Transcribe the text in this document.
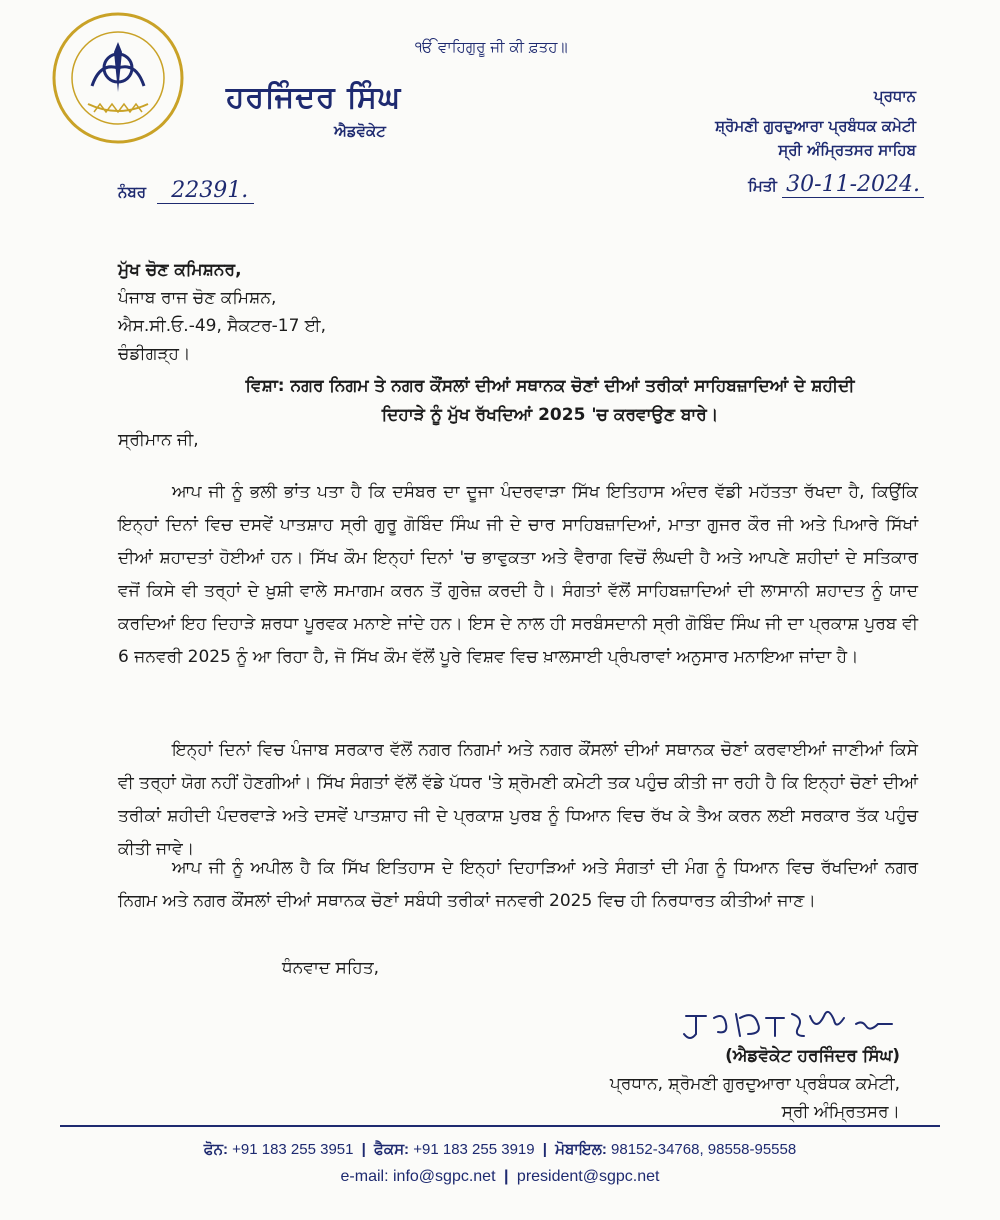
ੴ ਵਾਹਿਗੁਰੂ ਜੀ ਕੀ ਫ਼ਤਹ॥
ਹਰਜਿੰਦਰ ਸਿੰਘ
ਐਡਵੋਕੇਟ
ਪ੍ਰਧਾਨ
ਸ਼੍ਰੋਮਣੀ ਗੁਰਦੁਆਰਾ ਪ੍ਰਬੰਧਕ ਕਮੇਟੀ
ਸ੍ਰੀ ਅੰਮ੍ਰਿਤਸਰ ਸਾਹਿਬ
ਨੰਬਰ 22391.	ਮਿਤੀ 30-11-2024.
ਮੁੱਖ ਚੋਣ ਕਮਿਸ਼ਨਰ,
ਪੰਜਾਬ ਰਾਜ ਚੋਣ ਕਮਿਸ਼ਨ,
ਐਸ.ਸੀ.ਓ.-49, ਸੈਕਟਰ-17 ਈ,
ਚੰਡੀਗੜ੍ਹ।
ਵਿਸ਼ਾ: ਨਗਰ ਨਿਗਮ ਤੇ ਨਗਰ ਕੌਂਸਲਾਂ ਦੀਆਂ ਸਥਾਨਕ ਚੋਣਾਂ ਦੀਆਂ ਤਰੀਕਾਂ ਸਾਹਿਬਜ਼ਾਦਿਆਂ ਦੇ ਸ਼ਹੀਦੀ
ਦਿਹਾੜੇ ਨੂੰ ਮੁੱਖ ਰੱਖਦਿਆਂ 2025 'ਚ ਕਰਵਾਉਣ ਬਾਰੇ।
ਸ੍ਰੀਮਾਨ ਜੀ,

ਆਪ ਜੀ ਨੂੰ ਭਲੀ ਭਾਂਤ ਪਤਾ ਹੈ ਕਿ ਦਸੰਬਰ ਦਾ ਦੂਜਾ ਪੰਦਰਵਾੜਾ ਸਿੱਖ ਇਤਿਹਾਸ ਅੰਦਰ ਵੱਡੀ ਮਹੱਤਤਾ ਰੱਖਦਾ ਹੈ, ਕਿਉਂਕਿ ਇਨ੍ਹਾਂ ਦਿਨਾਂ ਵਿਚ ਦਸਵੇਂ ਪਾਤਸ਼ਾਹ ਸ੍ਰੀ ਗੁਰੂ ਗੋਬਿੰਦ ਸਿੰਘ ਜੀ ਦੇ ਚਾਰ ਸਾਹਿਬਜ਼ਾਦਿਆਂ, ਮਾਤਾ ਗੁਜਰ ਕੌਰ ਜੀ ਅਤੇ ਪਿਆਰੇ ਸਿੱਖਾਂ ਦੀਆਂ ਸ਼ਹਾਦਤਾਂ ਹੋਈਆਂ ਹਨ। ਸਿੱਖ ਕੌਮ ਇਨ੍ਹਾਂ ਦਿਨਾਂ 'ਚ ਭਾਵੁਕਤਾ ਅਤੇ ਵੈਰਾਗ ਵਿਚੋਂ ਲੰਘਦੀ ਹੈ ਅਤੇ ਆਪਣੇ ਸ਼ਹੀਦਾਂ ਦੇ ਸਤਿਕਾਰ ਵਜੋਂ ਕਿਸੇ ਵੀ ਤਰ੍ਹਾਂ ਦੇ ਖ਼ੁਸ਼ੀ ਵਾਲੇ ਸਮਾਗਮ ਕਰਨ ਤੋਂ ਗੁਰੇਜ਼ ਕਰਦੀ ਹੈ। ਸੰਗਤਾਂ ਵੱਲੋਂ ਸਾਹਿਬਜ਼ਾਦਿਆਂ ਦੀ ਲਾਸਾਨੀ ਸ਼ਹਾਦਤ ਨੂੰ ਯਾਦ ਕਰਦਿਆਂ ਇਹ ਦਿਹਾੜੇ ਸ਼ਰਧਾ ਪੂਰਵਕ ਮਨਾਏ ਜਾਂਦੇ ਹਨ। ਇਸ ਦੇ ਨਾਲ ਹੀ ਸਰਬੰਸਦਾਨੀ ਸ੍ਰੀ ਗੋਬਿੰਦ ਸਿੰਘ ਜੀ ਦਾ ਪ੍ਰਕਾਸ਼ ਪੁਰਬ ਵੀ 6 ਜਨਵਰੀ 2025 ਨੂੰ ਆ ਰਿਹਾ ਹੈ, ਜੋ ਸਿੱਖ ਕੌਮ ਵੱਲੋਂ ਪੂਰੇ ਵਿਸ਼ਵ ਵਿਚ ਖ਼ਾਲਸਾਈ ਪ੍ਰੰਪਰਾਵਾਂ ਅਨੁਸਾਰ ਮਨਾਇਆ ਜਾਂਦਾ ਹੈ।

ਇਨ੍ਹਾਂ ਦਿਨਾਂ ਵਿਚ ਪੰਜਾਬ ਸਰਕਾਰ ਵੱਲੋਂ ਨਗਰ ਨਿਗਮਾਂ ਅਤੇ ਨਗਰ ਕੌਂਸਲਾਂ ਦੀਆਂ ਸਥਾਨਕ ਚੋਣਾਂ ਕਰਵਾਈਆਂ ਜਾਣੀਆਂ ਕਿਸੇ ਵੀ ਤਰ੍ਹਾਂ ਯੋਗ ਨਹੀਂ ਹੋਣਗੀਆਂ। ਸਿੱਖ ਸੰਗਤਾਂ ਵੱਲੋਂ ਵੱਡੇ ਪੱਧਰ 'ਤੇ ਸ਼੍ਰੋਮਣੀ ਕਮੇਟੀ ਤਕ ਪਹੁੰਚ ਕੀਤੀ ਜਾ ਰਹੀ ਹੈ ਕਿ ਇਨ੍ਹਾਂ ਚੋਣਾਂ ਦੀਆਂ ਤਰੀਕਾਂ ਸ਼ਹੀਦੀ ਪੰਦਰਵਾੜੇ ਅਤੇ ਦਸਵੇਂ ਪਾਤਸ਼ਾਹ ਜੀ ਦੇ ਪ੍ਰਕਾਸ਼ ਪੁਰਬ ਨੂੰ ਧਿਆਨ ਵਿਚ ਰੱਖ ਕੇ ਤੈਅ ਕਰਨ ਲਈ ਸਰਕਾਰ ਤੱਕ ਪਹੁੰਚ ਕੀਤੀ ਜਾਵੇ।

ਆਪ ਜੀ ਨੂੰ ਅਪੀਲ ਹੈ ਕਿ ਸਿੱਖ ਇਤਿਹਾਸ ਦੇ ਇਨ੍ਹਾਂ ਦਿਹਾੜਿਆਂ ਅਤੇ ਸੰਗਤਾਂ ਦੀ ਮੰਗ ਨੂੰ ਧਿਆਨ ਵਿਚ ਰੱਖਦਿਆਂ ਨਗਰ ਨਿਗਮ ਅਤੇ ਨਗਰ ਕੌਂਸਲਾਂ ਦੀਆਂ ਸਥਾਨਕ ਚੋਣਾਂ ਸਬੰਧੀ ਤਰੀਕਾਂ ਜਨਵਰੀ 2025 ਵਿਚ ਹੀ ਨਿਰਧਾਰਤ ਕੀਤੀਆਂ ਜਾਣ।

ਧੰਨਵਾਦ ਸਹਿਤ,
(ਐਡਵੋਕੇਟ ਹਰਜਿੰਦਰ ਸਿੰਘ)
ਪ੍ਰਧਾਨ, ਸ਼੍ਰੋਮਣੀ ਗੁਰਦੁਆਰਾ ਪ੍ਰਬੰਧਕ ਕਮੇਟੀ,
ਸ੍ਰੀ ਅੰਮ੍ਰਿਤਸਰ।
ਫੋਨ: +91 183 255 3951 | ਫੈਕਸ: +91 183 255 3919 | ਮੋਬਾਇਲ: 98152-34768, 98558-95558
e-mail: info@sgpc.net | president@sgpc.net
